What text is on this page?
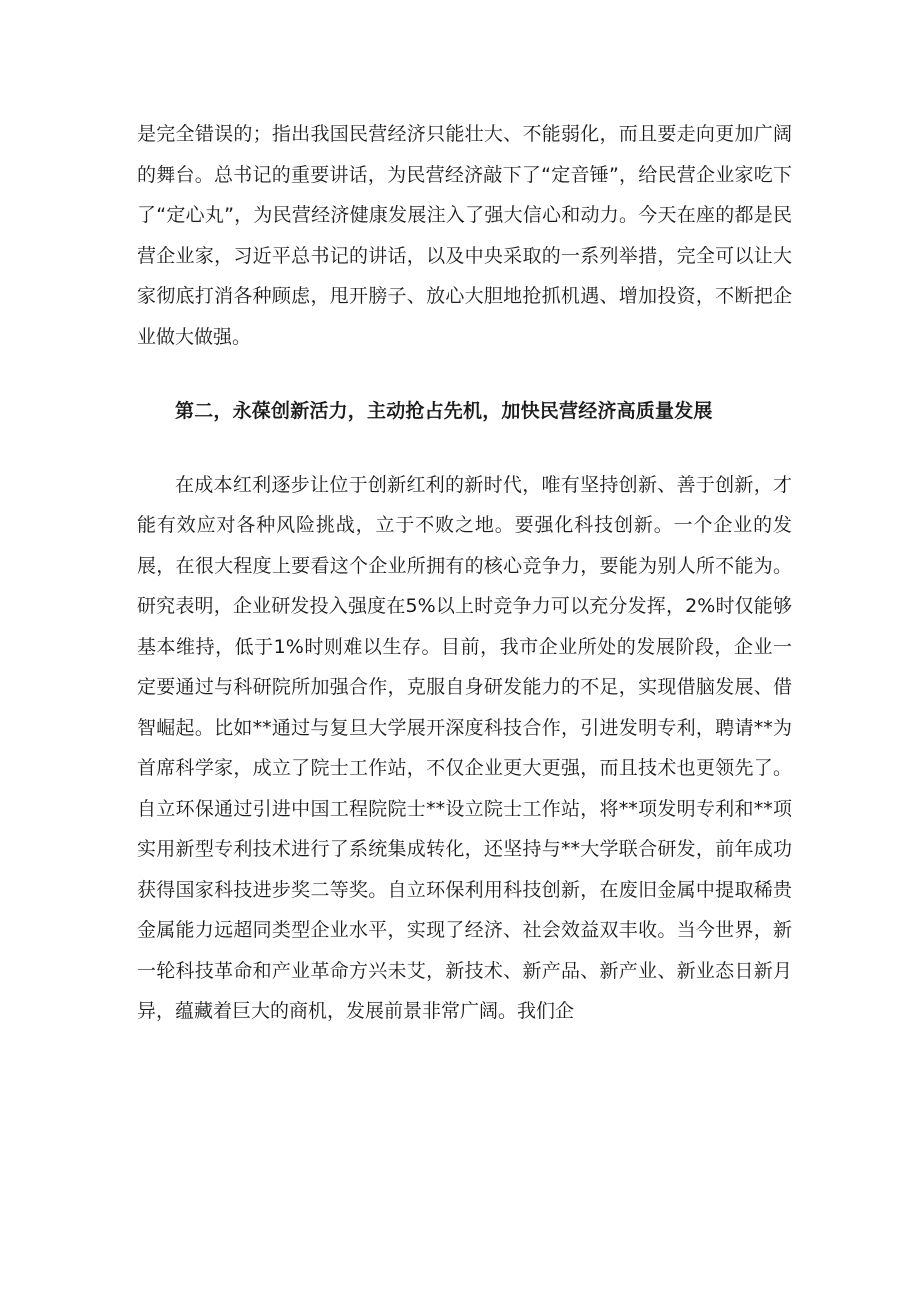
是完全错误的；指出我国民营经济只能壮大、不能弱化，而且要走向更加广阔的舞台。总书记的重要讲话，为民营经济敲下了“定音锤”，给民营企业家吃下了“定心丸”，为民营经济健康发展注入了强大信心和动力。今天在座的都是民营企业家，习近平总书记的讲话，以及中央采取的一系列举措，完全可以让大家彻底打消各种顾虑，甩开膀子、放心大胆地抢抓机遇、增加投资，不断把企业做大做强。

第二，永葆创新活力，主动抢占先机，加快民营经济高质量发展

在成本红利逐步让位于创新红利的新时代，唯有坚持创新、善于创新，才能有效应对各种风险挑战，立于不败之地。要强化科技创新。一个企业的发展，在很大程度上要看这个企业所拥有的核心竞争力，要能为别人所不能为。研究表明，企业研发投入强度在5%以上时竞争力可以充分发挥，2%时仅能够基本维持，低于1%时则难以生存。目前，我市企业所处的发展阶段，企业一定要通过与科研院所加强合作，克服自身研发能力的不足，实现借脑发展、借智崛起。比如**通过与复旦大学展开深度科技合作，引进发明专利，聘请**为首席科学家，成立了院士工作站，不仅企业更大更强，而且技术也更领先了。自立环保通过引进中国工程院院士**设立院士工作站，将**项发明专利和**项实用新型专利技术进行了系统集成转化，还坚持与**大学联合研发，前年成功获得国家科技进步奖二等奖。自立环保利用科技创新，在废旧金属中提取稀贵金属能力远超同类型企业水平，实现了经济、社会效益双丰收。当今世界，新一轮科技革命和产业革命方兴未艾，新技术、新产品、新产业、新业态日新月异，蕴藏着巨大的商机，发展前景非常广阔。我们企
